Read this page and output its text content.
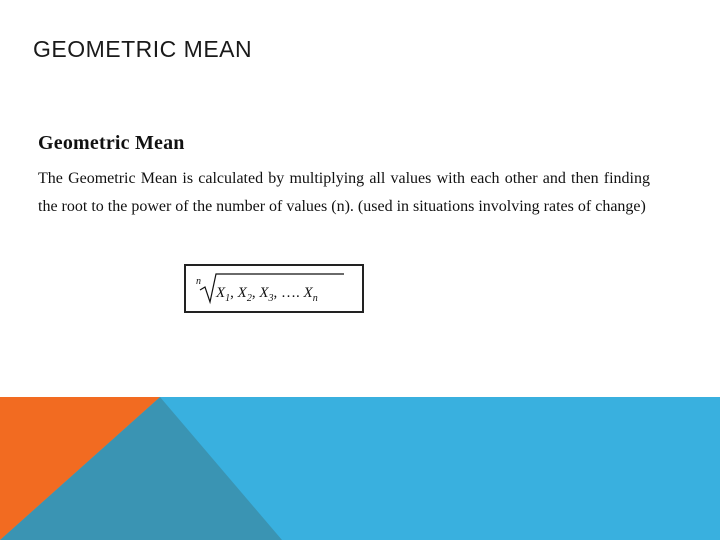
GEOMETRIC MEAN

Geometric Mean

The Geometric Mean is calculated by multiplying all values with each other and then finding the root to the power of the number of values (n). (used in situations involving rates of change)

n
$X_1$, $X_2$, $X_3$, …. $X_n$
